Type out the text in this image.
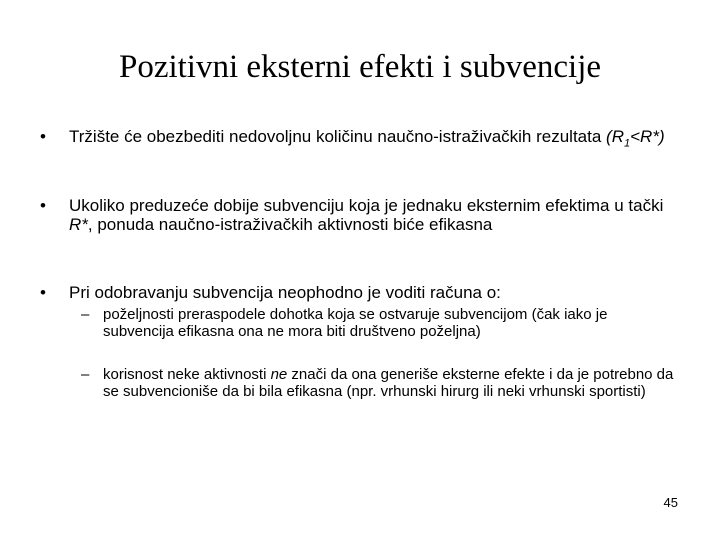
Pozitivni eksterni efekti i subvencije
• Tržište će obezbediti nedovoljnu količinu naučno-istraživačkih rezultata $(R_1<R*)$
• Ukoliko preduzeće dobije subvenciju koja je jednaku eksternim efektima u tački R*, ponuda naučno-istraživačkih aktivnosti biće efikasna
• Pri odobravanju subvencija neophodno je voditi računa o:
– poželjnosti preraspodele dohotka koja se ostvaruje subvencijom (čak iako je subvencija efikasna ona ne mora biti društveno poželjna)
– korisnost neke aktivnosti ne znači da ona generiše eksterne efekte i da je potrebno da se subvencioniše da bi bila efikasna (npr. vrhunski hirurg ili neki vrhunski sportisti)
45
